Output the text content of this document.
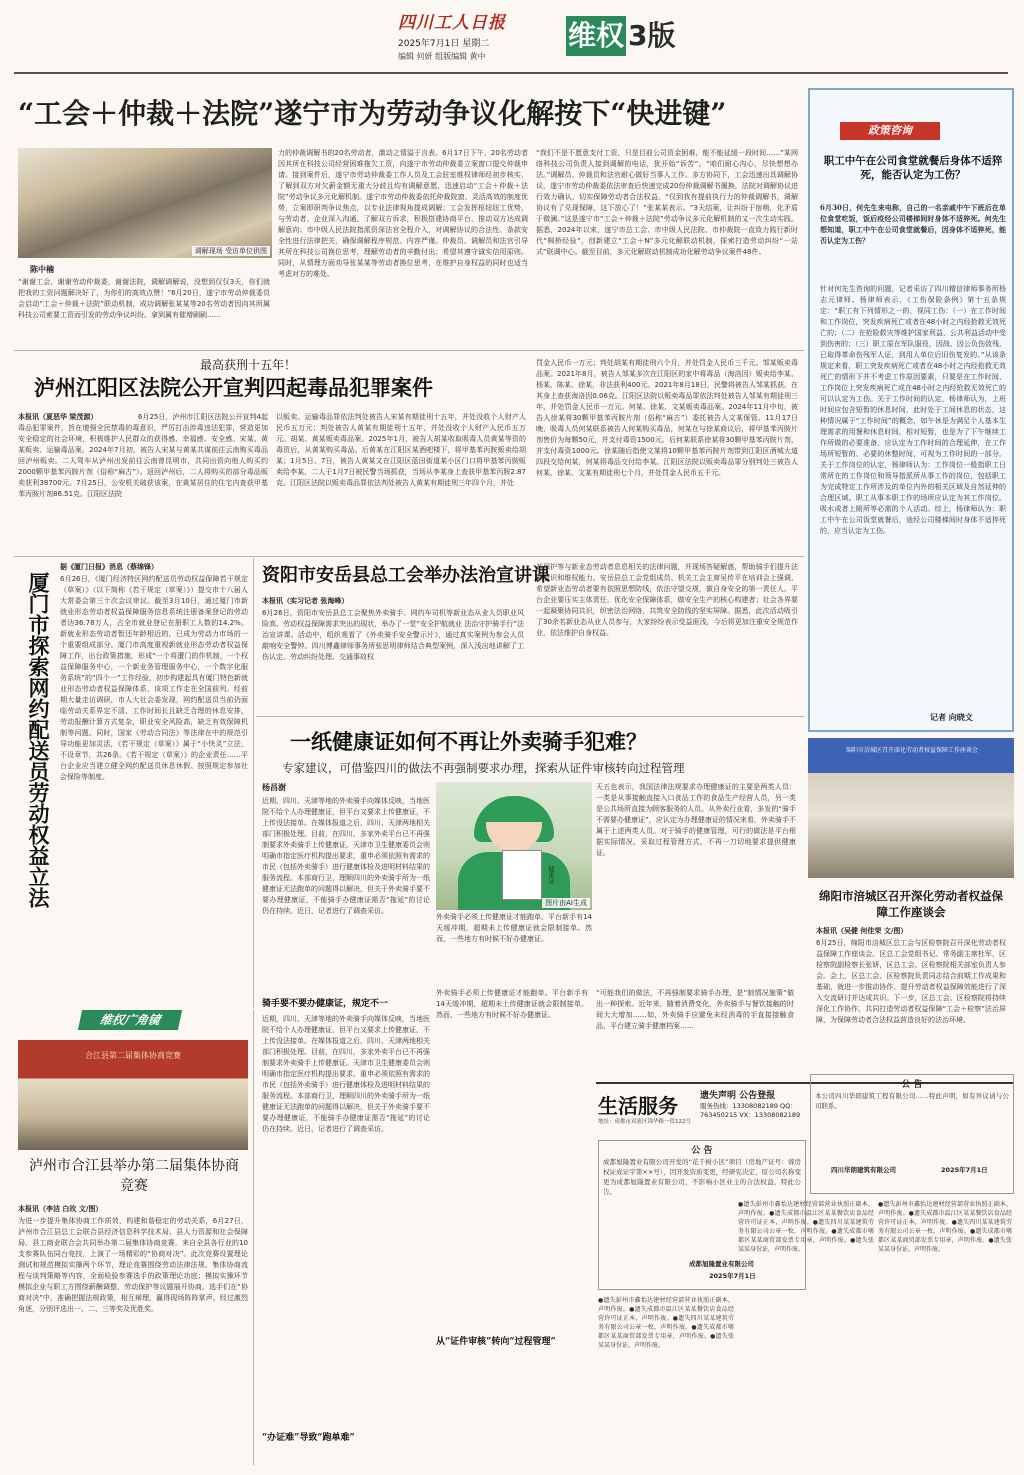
四川工人日报
2025年7月1日 星期二
编辑 何妍 组版编辑 黄中
维权 3版
“工会＋仲裁＋法院”遂宁市为劳动争议化解按下“快进键”
调解现场 受访单位供图
陈中楠
“谢谢工会，谢谢劳动仲裁委，谢谢法院，调解调解说，没想到仅仅3天，你们就把我的工资问题解决好了，为你们的高效点赞！”6月20日，遂宁市劳动仲裁委员会启动“工会＋仲裁＋法院”联动机制，成功调解张某某等20名劳动者因向其所属科技公司索要工资而引发的劳动争议纠纷。拿到属有催增刷刷……
力的仲裁调解书的20名劳动者，激动之情溢于言表。6月17日下午，20名劳动者因其所在科技公司经营困难拖欠工资，向遂宁市劳动仲裁委立案窗口提交仲裁申请。接到案件后，遂宁市劳动仲裁委工作人员及工会驻室维权律师经初步核实，了解到双方对欠薪金额无重大分歧且均有调解意愿，迅速启动“工会＋仲裁＋法院”劳动争议多元化解机制。遂宁市劳动仲裁委依托仲裁院窗、灵活高效的制度优势，立案即研判争议焦点，以专业法律视角提成调解；工会发挥枢纽纽工优势，与劳动者、企业深入沟通，了解双方诉求，积极搭建协商平台，推动双方达成调解意向；市中级人民法院指派资深法官全程介入，对调解协议的合法性、条款安全性进行法律把关，确保调解程序规范、内容严谨。仲裁员、调解员和法官引导其所在科技公司换位思考，理解劳动者的辛勤付出；希望其遵守诚实信用原则。同时，从情理方面劝导张某某等劳动者换位思考，在维护自身权益的同时也适当考虑对方的难处。
“我们不是不愿意支付工资，只是目前公司资金困难，能不能延缓一段时间……”某网络科技公司负责人接到调解的电话，犹开始“诉苦”。“咱们耐心沟心，尽快想想办法。”调解员、仲裁员和法官耐心做好当事人工作。多方协同下，工会迅速出具调解协议，遂宁市劳动仲裁委依法审查后快速完成20份仲裁调解书履换，法院对调解协议进行效力确认，切实保障劳动者合法权益。“仅到我有提前执行力的仲裁调解书，调解协议有了兑现保障，这下放心了！”张某某表示。“3天结案，让纠纷于宿萌，化矛盾于微澜。”这是遂宁市“工会＋仲裁＋法院”劳动争议多元化解机制的又一次生动实践。据悉，2024年以来，遂宁市总工会、市中级人民法院、市仲裁院一直致力践行新时代“枫桥经验”，创新建立“工会＋N”多元化解联动机制，探索打造劳动纠纷“一站式”联调中心。截至目前，多元化解联动机制成功化解劳动争议案件48件。
政策咨询
职工中午在公司食堂就餐后身体不适猝死，能否认定为工伤？
6月30日，何先生来电称，自己的一名亲戚中午下班后在单位食堂吃饭，饭后疫经公司楼梯间时身体不适猝死。何先生想知道，职工中午在公司食堂就餐后，因身体不适猝死，能否认定为工伤？
针对何先生咨询的问题，记者采访了四川精信律师事务所杨志元律师。杨律师表示，《工伤保险条例》第十五条规定：“职工有下列情形之一的，视同工伤：（一）在工作时间和工作岗位，突发疾病死亡或者在48小时之内经抢救无效死亡的；（二）在抢险救灾等维护国家利益、公共利益活动中受到伤害的；（三）职工原在军队服役，因战、因公负伤致残，已取得革命伤残军人证，到用人单位后旧伤复发的。”从该条规定来看，职工突发疾病死亡或者在48小时之内经抢救无效死亡的情形下并不考虑工作原因要素，只要是在工作时间、工作岗位上突发疾病死亡或在48小时之内经抢救无效死亡的可以认定为工伤。关于工作时间的认定，杨律师认为，上班时间应包含短暂的休息时间，此时处于工间休息的状态，这种情况属于“工作时间”的概念，如午休是为满足个人基本生理需求的用餐和休息时间，相对短暂，也是为了下午继续工作所做的必要准备，应认定为工作时间的合理延伸，在工作场所短暂的、必要的休整时间，可视为工作时间的一部分。关于工作岗位的认定，杨律师认为：工作岗位一般指职工日常所在的工作岗位和领导指派所从事工作的岗位，包括职工为完成特定工作所涉及的单位内外的相关区域及自然延伸的合理区域。职工从事本职工作的场所应认定为其工作岗位。吸水或者上厕所等必需的个人活动。综上，杨律师认为：职工中午在公司饭堂就餐后，途经公司楼梯间时身体不适猝死的，应当认定为工伤。
记者 向晓文
最高获刑十五年！
泸州江阳区法院公开宣判四起毒品犯罪案件
本报讯（夏恶华 梁茂源）	6月25日，泸州市江阳区法院公开宣判4起毒品犯罪案件，旨在增强全民禁毒的毒意识，严厉打击涉毒违法犯罪，营造更加安全稳定的社会环境，积极维护人民群众的获得感、幸福感、安全感。宋某、黄某贩卖、运输毒品案。2024年7月初，被告人宋某与黄某共谋前往云南购买毒品回泸州贩卖。二人驾车从泸州出发前往云南曾昆明市，共同出资向他人购买约2000颗甲基苯丙胺片剂（俗称“麻古”）。返回泸州后，二人将购买的部分毒品贩卖获利38700元。7月25日，公安机关破获该案，在黄某居住的住宅内查获甲基苯丙胺片剂86.51克。江阳区法院
以贩卖、运输毒品罪依法判处被告人宋某有期徒刑十五年，并处没收个人财产人民币五万元；判处被告人黄某有期徒刑十五年，并处没收个人财产人民币五万元。胡某、黄某贩卖毒品案。2025年1月，被告人胡某收取吸毒人员黄某等资的毒资后，从黄某购买毒品。后黄某在江阳区某酒吧楼下，将甲基苯丙胺贩卖给胡某；1月5日、7日，被告人黄某又在江阳区蓝田街道某小区门口将甲基苯丙胺贩卖给李某，二人于1月7日被民警当场抓获，当场从李某身上查获甲基苯丙胺2.87克。江阳区法院以贩卖毒品罪依法判处被告人黄某有期徒刑三年四个月，并处
罚金人民币一万元；判处胡某有期徒刑六个月，并处罚金人民币三千元。邹某贩卖毒品案。2021年8月，被告人邹某多次在江阳区的家中将毒品（海洛因）贩卖给李某、杨某、陈某、徐某，非法获利400元。2021年8月18日，民警将被告人邹某抓获，在其身上查获海洛因0.06克。江阳区法院以贩卖毒品罪依法判处被告人邹某有期徒刑三年，并处罚金人民币一万元。何某、徐某、文某贩卖毒品案。2024年11月中旬，被告人徐某将30颗甲基苯丙胺片剂（俗称“麻古”）委托被告人文某保管。11月17日晚，吸毒人员何某联系被告人何某购买毒品，何某在与徐某商议后，将甲基苯丙胺片剂售价为每颗50元，并支付毒资1500元。后何某联系徐某将30颗甲基苯丙胺片剂，并支付毒资1000元。徐某随后指使文某将10颗甲基苯丙胺片剂带到江阳区酒城大道四段交给何某，何某将毒品交付给李某。江阳区法院以贩卖毒品罪分别判处三被告人何某、徐某、文某有期徒刑七个月，并处罚金人民币五千元。
厦门市探索网约配送员劳动权益立法
据《厦门日报》消息（蔡绵锋）
6月26日，《厦门经济特区网约配送员劳动权益保障若干规定（草案）》（以下简称《若干规定（草案）》）提交市十八届人大常委会第三十次会议审议。截至3月10日，通过厦门市新就业形态劳动者权益保障服务信息系统注册备案登记的劳动者达36.78万人，占全市就业登记在册职工人数的14.2%。新就业形态劳动者暂还年龄相近的，已成为劳动力市场的一个重要组成部分。厦门市高度重视新就业形态劳动者权益保障工作，出台政策措施，形成“一个将遭门的作机制，一个权益保障服务中心，一个新业务管理服务中心，一个数字化服务系统”的“四个一”工作经验，初步构建起具有厦门特色新就业形态劳动者权益保障体系，该项工作走在全国前列。经前期大量走访调研，市人大社会委发现，网约配送员当前仍面临劳动关系界定不清，工作时间长且缺乏合理的休息安排，劳动报酬计算方式复杂，职业安全风险高，缺乏有效保障机制等问题。同时，国家《劳动合同法》等法律在中的规范引导功能更加灵活，《若干规定（草案）》属于“小快灵”立法，不设章节，共26条。《若干规定（草案）》的企业责任……平台企业应当建立健全网约配送员休息休假、按照规定参加社会保险等制度。
资阳市安岳县总工会举办法治宣讲课
本报讯（实习记者 张海峰）
6月26日，资阳市安岳县总工会聚焦外卖骑手、网约车司机等新业态从业人员职业风险高、劳动权益保障需求突出的现状，举办了一堂“安全护航就业 法治守护骑手行”法治宣讲课。活动中，组织观看了《外卖骑手安全警示片》，通过真实案例为参会人员敲响安全警钟。四川博鑫律师事务所张思明律师结合典型案例，深入浅出地讲解了工伤认定、劳动纠纷处理、交通事故权
益保护等与新业态劳动者息息相关的法律问题，并现场答疑解惑，帮助骑手们提升法律意识和维权能力。安岳县总工会党组成员、机关工会主席吴传平在培训会上强调，希望新业态劳动者要有依照思想防线，依法守望交规，做自身安全的第一责任人。平台企业要压实主体责任，优化安全保障体系，做安全生产的核心构建者；社会各界要一起凝聚协同共识，织密法治网络，共筑安全防线的坚实屏障。据悉，此次活动吸引了30余名新业态从业人员参与，大家纷纷表示受益匪浅，今后将更加注重安全规范作业，依法维护自身权益。
一纸健康证如何不再让外卖骑手犯难？
专家建议，可借鉴四川的做法不再强制要求办理，探索从证件审核转向过程管理
杨昌澍
近期，四川、天津等地的外卖骑手向媒体反映，当地医院不给个人办理健康证，但平台又要求上传健康证，不上传没法接单。在媒体报道之后，四川、天津两地相关部门积极处理。目前，在四川，多家外卖平台已不再强制要求外卖骑手上传健康证。天津市卫生健康委员会则明确市指定医疗机构提出要求，重申必须依照有需求的市民（包括外卖骑手）进行健康体检及进明材料结果的服务流程。本部商行卫，理顺四川的外卖骑手所为一纸健康证无法跑单的问题得以解决，但关于外卖骑手要不要办理健康证，不能骑手办健康证需否“拖延”的讨论仍在持续。近日，记者进行了调查采访。
健康证
图片由AI生成
外卖骑手必须上传健康证才能跑单。平台新手有14天缓冲期，超期未上传健康证就会限制接单。然而，一些地方有时候不好办健康证。
天五也表示，我国法律法规要求办理健康证的主要是两类人员：一类是从事接触直接入口食品工作的食品生产经营人员，另一类是公共场所直接为顾客服务的人员。从外卖行业看，多发的“骑手不需要办健康证”，应认定为办理健康证的情况来看，外卖骑手不属于上述两类人员。对于骑手的健康管理，可行的做法是平台根据实际情况，采取过程管理方式，不再一刀切地要求提供健康证。
绵阳市涪城区召开深化劳动者权益保障工作座谈会
绵阳市涪城区召开深化劳动者权益保障工作座谈会
本报讯（吴健 何佳荣 文/图）
6月25日，绵阳市涪城区总工会与区检察院召开深化劳动者权益保障工作座谈会。区总工会党组书记、常务副主席杜军，区检察院副检察长张妍，区总工会、区检察院相关部室负责人参会。会上，区总工会、区检察院负责同志结合前期工作成果和基础，就进一步推动协作、提升劳动者权益保障效能进行了深入交流研讨并达成共识。下一步，区总工会、区检察院将持续深化工作协作，共同打造劳动者权益保障“工会＋检察”法治屏障，为保障劳动者合法权益营造良好的法治环境。
维权广角镜
合江县第二届集体协商竞赛
泸州市合江县举办第二届集体协商竞赛
本报讯（李洁 白玫 文/图）
为进一步提升集体协商工作质效，构建和谐稳定的劳动关系，6月27日，泸州市合江县总工会联合县经济信息科学技术局、县人力资源和社会保障局、县工商业联合会共同举办第二届集体协商竞赛，来自全县各行业的10支参赛队伍同台竞技，上演了一场精彩的“协商对决”。此次竞赛设置理论测试和规范模拟实操两个环节，理论竞赛围绕劳动法律法规、集体协商流程与谈判策略等内容，全面检验参赛选手的政策理论功底；模拟实操环节模拟企业与职工方围绕薪酬调整、劳动保护等议题展开协商。选手们在“协商对决”中，准确把握法规政策，相互辩理，赢得现场阵阵掌声。经过激烈角逐，分别评选出一、二、三等奖及优胜奖。
骑手要不要办健康证，规定不一
近期，四川、天津等地的外卖骑手向媒体反映，当地医院不给个人办理健康证，但平台又要求上传健康证，不上传没法接单。在媒体报道之后，四川、天津两地相关部门积极处理。目前，在四川，多家外卖平台已不再强制要求外卖骑手上传健康证。天津市卫生健康委员会则明确市指定医疗机构提出要求，重申必须依照有需求的市民（包括外卖骑手）进行健康体检及进明材料结果的服务流程。本部商行卫，理顺四川的外卖骑手所为一纸健康证无法跑单的问题得以解决，但关于外卖骑手要不要办理健康证，不能骑手办健康证需否“拖延”的讨论仍在持续。近日，记者进行了调查采访。
“办证难”导致“跑单难”
外卖骑手必须上传健康证才能跑单。平台新手有14天缓冲期，超期未上传健康证就会限制接单。然而，一些地方有时候不好办健康证。
从“证件审核”转向“过程管理”
“可能我们的做法，不再强制要求骑手办理，是“制情况施策”做出一种探索。近年来，随着消费变化，外卖骑手与餐饮接触的时间大大增加……如，外卖骑手应避免未经消毒的手直接接触食品，平台建立骑手健康档案……
生活服务	遗失声明 公告登报
服务热线：13308082189 QQ：763450215 VX：13308082189
地址：成都市双流区锦华路一段122号
公 告
成都旭隆置业有限公司开发的“花千树小区”项目（房地产证号：蓉房权证成证字第××号），因开发资质变更，经研究决定，原公司名称变更为成都旭隆置业有限公司，不影响小区业主的合法权益，特此公告。
成都旭隆置业有限公司
2025年7月1日
公 告
本公司四川华朗建筑工程有限公司……特此声明，如有异议请与公司联系。
四川华朗建筑有限公司	2025年7月1日
●遗失彭州市鑫怡达建材经营部营业执照正副本，声明作废。●遗失成都市温江区某某餐饮店食品经营许可证正本，声明作废。●遗失四川某某建筑劳务有限公司公章一枚，声明作废。●遗失成都市郫都区某某商贸部发票专用章，声明作废。●遗失张某某身份证，声明作废。
●遗失彭州市鑫怡达建材经营部营业执照正副本，声明作废。●遗失成都市温江区某某餐饮店食品经营许可证正本，声明作废。●遗失四川某某建筑劳务有限公司公章一枚，声明作废。●遗失成都市郫都区某某商贸部发票专用章，声明作废。●遗失张某某身份证，声明作废。
●遗失彭州市鑫怡达建材经营部营业执照正副本，声明作废。●遗失成都市温江区某某餐饮店食品经营许可证正本，声明作废。●遗失四川某某建筑劳务有限公司公章一枚，声明作废。●遗失成都市郫都区某某商贸部发票专用章，声明作废。●遗失张某某身份证，声明作废。
